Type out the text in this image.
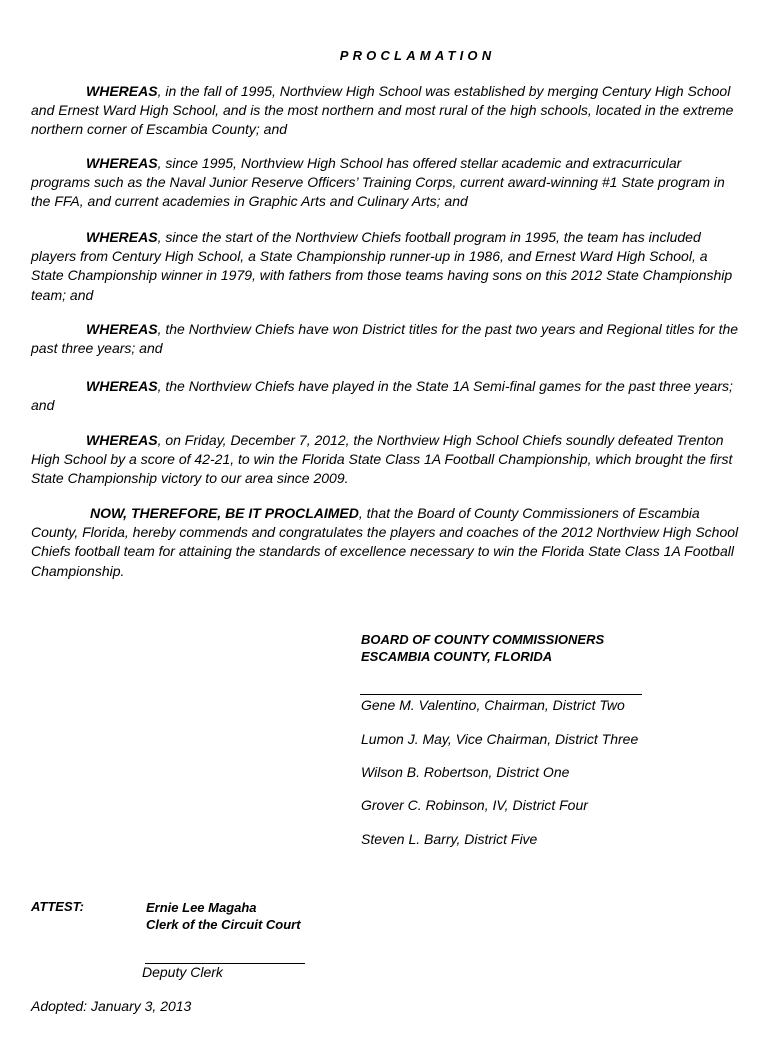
PROCLAMATION

WHEREAS, in the fall of 1995, Northview High School was established by merging Century High School and Ernest Ward High School, and is the most northern and most rural of the high schools, located in the extreme northern corner of Escambia County; and

WHEREAS, since 1995, Northview High School has offered stellar academic and extracurricular programs such as the Naval Junior Reserve Officers’ Training Corps, current award-winning #1 State program in the FFA, and current academies in Graphic Arts and Culinary Arts; and

WHEREAS, since the start of the Northview Chiefs football program in 1995, the team has included players from Century High School, a State Championship runner-up in 1986, and Ernest Ward High School, a State Championship winner in 1979, with fathers from those teams having sons on this 2012 State Championship team; and

WHEREAS, the Northview Chiefs have won District titles for the past two years and Regional titles for the past three years; and

WHEREAS, the Northview Chiefs have played in the State 1A Semi-final games for the past three years; and

WHEREAS, on Friday, December 7, 2012, the Northview High School Chiefs soundly defeated Trenton High School by a score of 42-21, to win the Florida State Class 1A Football Championship, which brought the first State Championship victory to our area since 2009.

NOW, THEREFORE, BE IT PROCLAIMED, that the Board of County Commissioners of Escambia County, Florida, hereby commends and congratulates the players and coaches of the 2012 Northview High School Chiefs football team for attaining the standards of excellence necessary to win the Florida State Class 1A Football Championship.

BOARD OF COUNTY COMMISSIONERS
ESCAMBIA COUNTY, FLORIDA
Gene M. Valentino, Chairman, District Two
Lumon J. May, Vice Chairman, District Three
Wilson B. Robertson, District One
Grover C. Robinson, IV, District Four
Steven L. Barry, District Five
ATTEST:	Ernie Lee Magaha
Clerk of the Circuit Court
Deputy Clerk
Adopted: January 3, 2013
